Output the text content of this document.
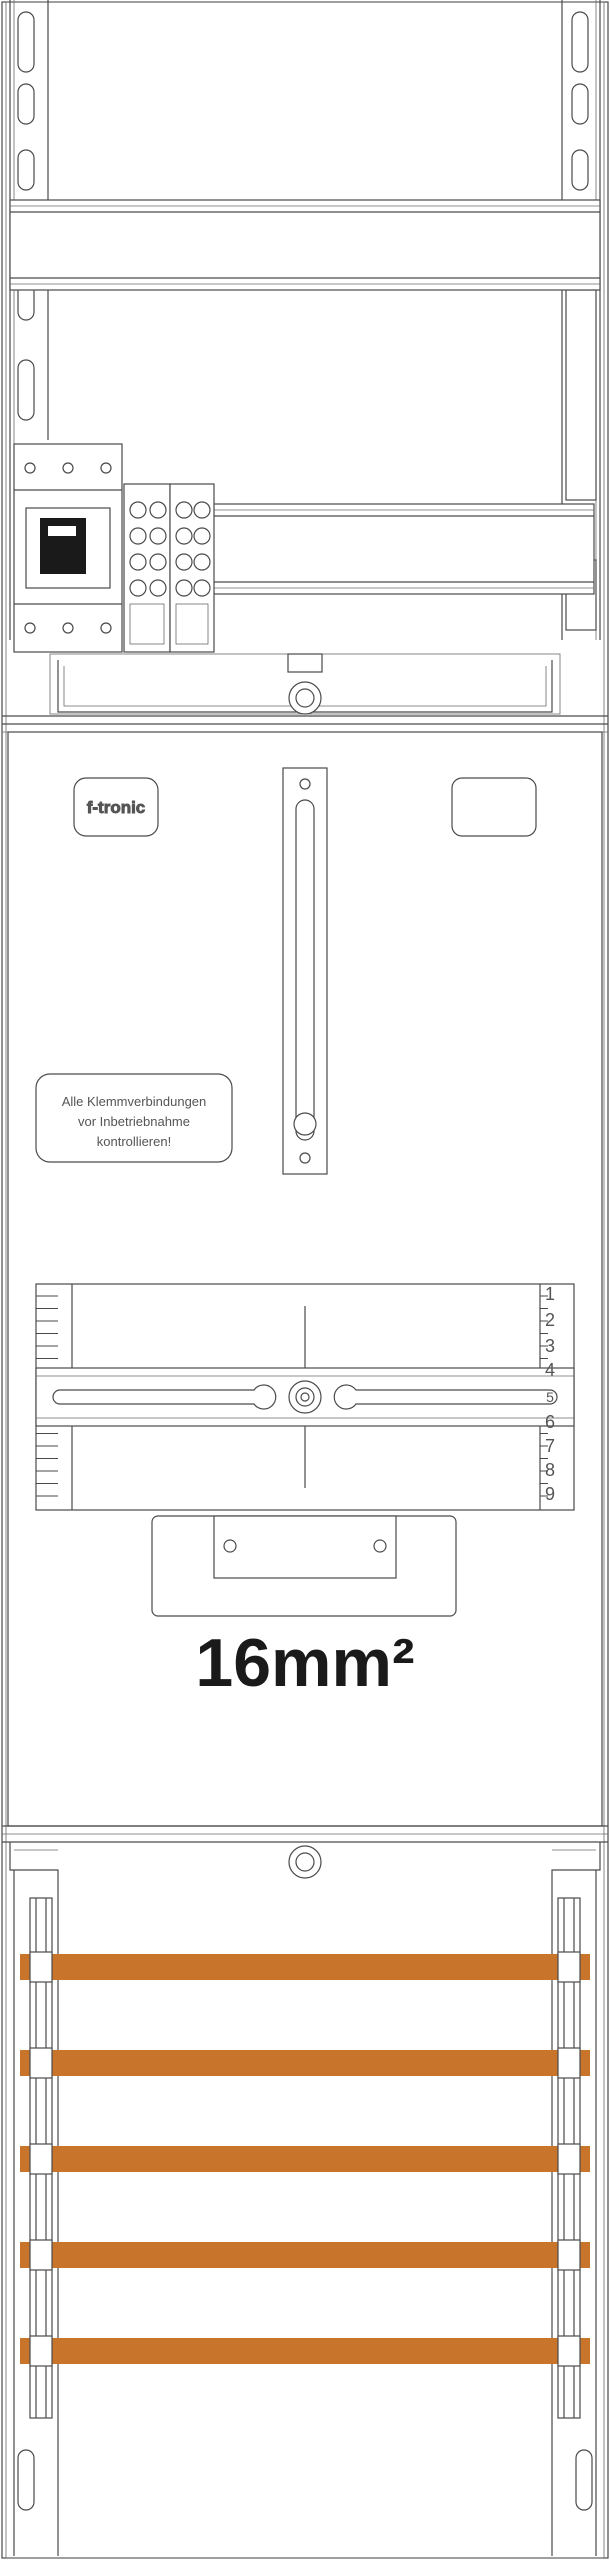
f-tronic
Alle Klemmverbindungen
vor Inbetriebnahme
kontrollieren!
1
2
3
4
5
6
7
8
9
16mm²
